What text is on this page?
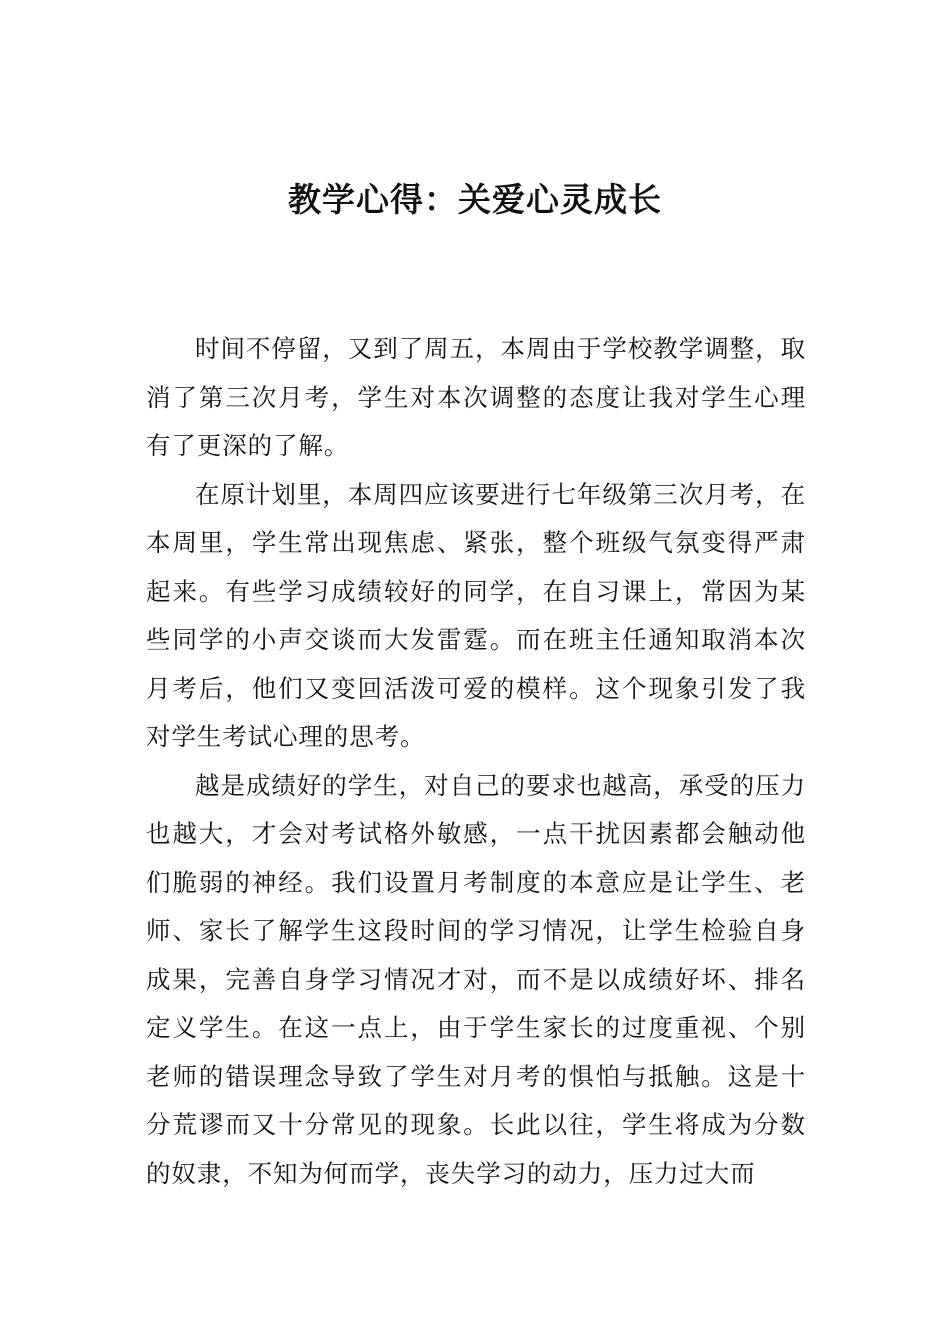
教学心得：关爱心灵成长

时间不停留，又到了周五，本周由于学校教学调整，取消了第三次月考，学生对本次调整的态度让我对学生心理有了更深的了解。

在原计划里，本周四应该要进行七年级第三次月考，在本周里，学生常出现焦虑、紧张，整个班级气氛变得严肃起来。有些学习成绩较好的同学，在自习课上，常因为某些同学的小声交谈而大发雷霆。而在班主任通知取消本次月考后，他们又变回活泼可爱的模样。这个现象引发了我对学生考试心理的思考。

越是成绩好的学生，对自己的要求也越高，承受的压力也越大，才会对考试格外敏感，一点干扰因素都会触动他们脆弱的神经。我们设置月考制度的本意应是让学生、老师、家长了解学生这段时间的学习情况，让学生检验自身成果，完善自身学习情况才对，而不是以成绩好坏、排名定义学生。在这一点上，由于学生家长的过度重视、个别老师的错误理念导致了学生对月考的惧怕与抵触。这是十分荒谬而又十分常见的现象。长此以往，学生将成为分数的奴隶，不知为何而学，丧失学习的动力，压力过大而
